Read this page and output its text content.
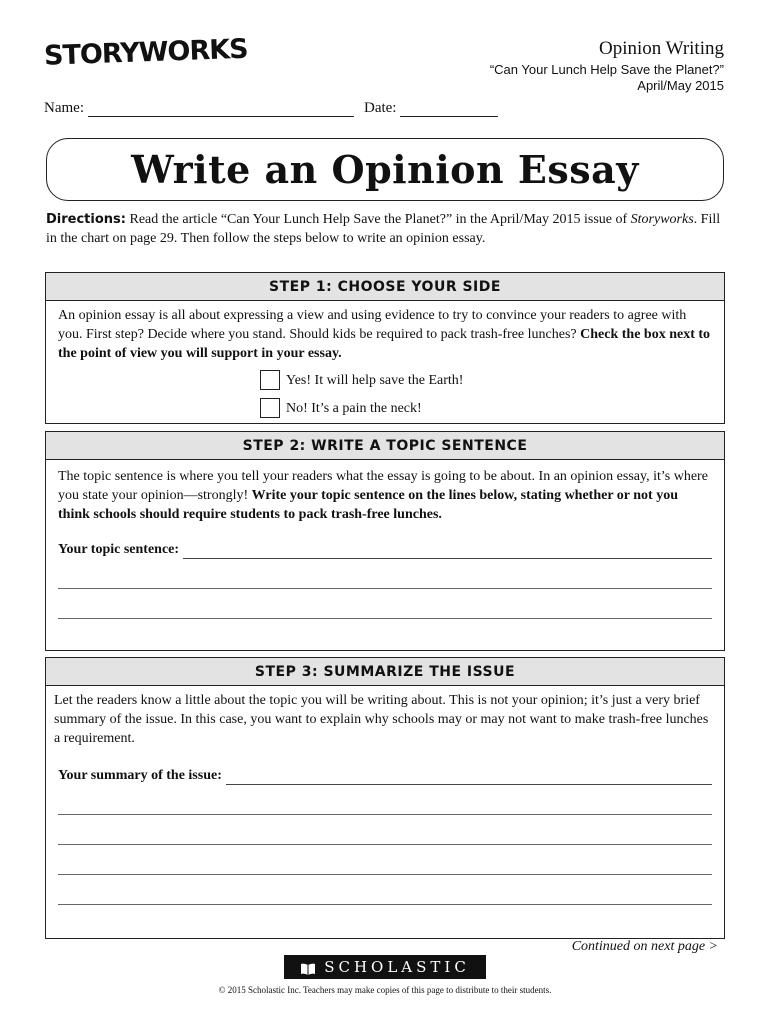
STORYWORKS	Opinion Writing
“Can Your Lunch Help Save the Planet?”
April/May 2015
Name:	Date:
Write an Opinion Essay
Directions: Read the article “Can Your Lunch Help Save the Planet?” in the April/May 2015 issue of Storyworks. Fill in the chart on page 29. Then follow the steps below to write an opinion essay.
STEP 1: CHOOSE YOUR SIDE

An opinion essay is all about expressing a view and using evidence to try to convince your readers to agree with you. First step? Decide where you stand. Should kids be required to pack trash-free lunches? Check the box next to the point of view you will support in your essay.

Yes! It will help save the Earth!
No! It’s a pain the neck!
STEP 2: WRITE A TOPIC SENTENCE

The topic sentence is where you tell your readers what the essay is going to be about. In an opinion essay, it’s where you state your opinion—strongly! Write your topic sentence on the lines below, stating whether or not you think schools should require students to pack trash-free lunches.

Your topic sentence:
STEP 3: SUMMARIZE THE ISSUE

Let the readers know a little about the topic you will be writing about. This is not your opinion; it’s just a very brief summary of the issue. In this case, you want to explain why schools may or may not want to make trash-free lunches a requirement.

Your summary of the issue:
Continued on next page >
SCHOLASTIC
© 2015 Scholastic Inc. Teachers may make copies of this page to distribute to their students.
